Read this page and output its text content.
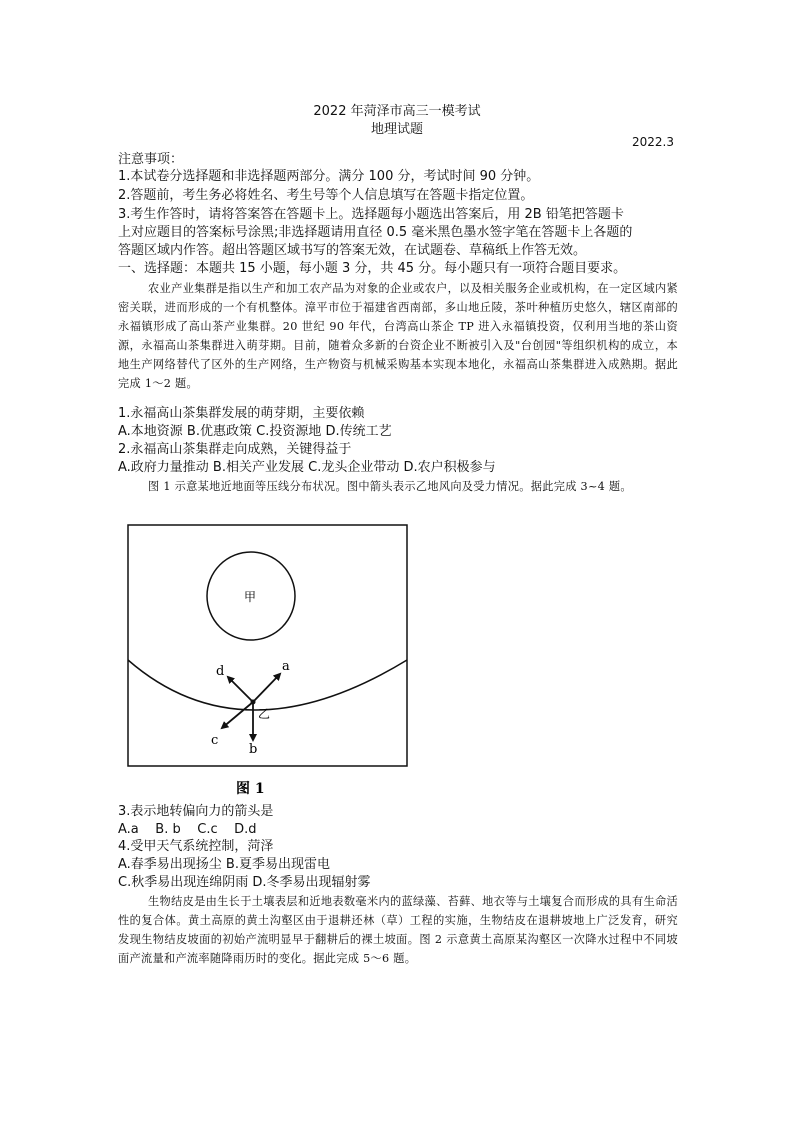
2022 年菏泽市高三一模考试
地理试题
2022.3
注意事项：
1.本试卷分选择题和非选择题两部分。满分 100 分，考试时间 90 分钟。
2.答题前，考生务必将姓名、考生号等个人信息填写在答题卡指定位置。
3.考生作答时，请将答案答在答题卡上。选择题每小题选出答案后，用 2B 铅笔把答题卡
上对应题目的答案标号涂黑;非选择题请用直径 0.5 毫米黑色墨水签字笔在答题卡上各题的
答题区域内作答。超出答题区域书写的答案无效，在试题卷、草稿纸上作答无效。
一、选择题：本题共 15 小题，每小题 3 分，共 45 分。每小题只有一项符合题目要求。
农业产业集群是指以生产和加工农产品为对象的企业或农户，以及相关服务企业或机构，在一定区域内紧密关联，进而形成的一个有机整体。漳平市位于福建省西南部，多山地丘陵，茶叶种植历史悠久，辖区南部的永福镇形成了高山茶产业集群。20 世纪 90 年代，台湾高山茶企 TP 进入永福镇投资，仅利用当地的茶山资源，永福高山茶集群进入萌芽期。目前，随着众多新的台资企业不断被引入及"台创园"等组织机构的成立，本地生产网络替代了区外的生产网络，生产物资与机械采购基本实现本地化，永福高山茶集群进入成熟期。据此完成 1～2 题。
1.永福高山茶集群发展的萌芽期，主要依赖
A.本地资源 B.优惠政策 C.投资源地 D.传统工艺
2.永福高山茶集群走向成熟，关键得益于
A.政府力量推动 B.相关产业发展 C.龙头企业带动 D.农户积极参与
图 1 示意某地近地面等压线分布状况。图中箭头表示乙地风向及受力情况。据此完成 3~4 题。
甲
a
d
乙
c
b
图 1
3.表示地转偏向力的箭头是
A.a    B. b    C.c    D.d
4.受甲天气系统控制，菏泽
A.春季易出现扬尘 B.夏季易出现雷电
C.秋季易出现连绵阴雨 D.冬季易出现辐射雾
生物结皮是由生长于土壤表层和近地表数毫米内的蓝绿藻、苔藓、地衣等与土壤复合而形成的具有生命活性的复合体。黄土高原的黄土沟壑区由于退耕还林（草）工程的实施，生物结皮在退耕坡地上广泛发育，研究发现生物结皮坡面的初始产流明显早于翻耕后的裸土坡面。图 2 示意黄土高原某沟壑区一次降水过程中不同坡面产流量和产流率随降雨历时的变化。据此完成 5～6 题。
